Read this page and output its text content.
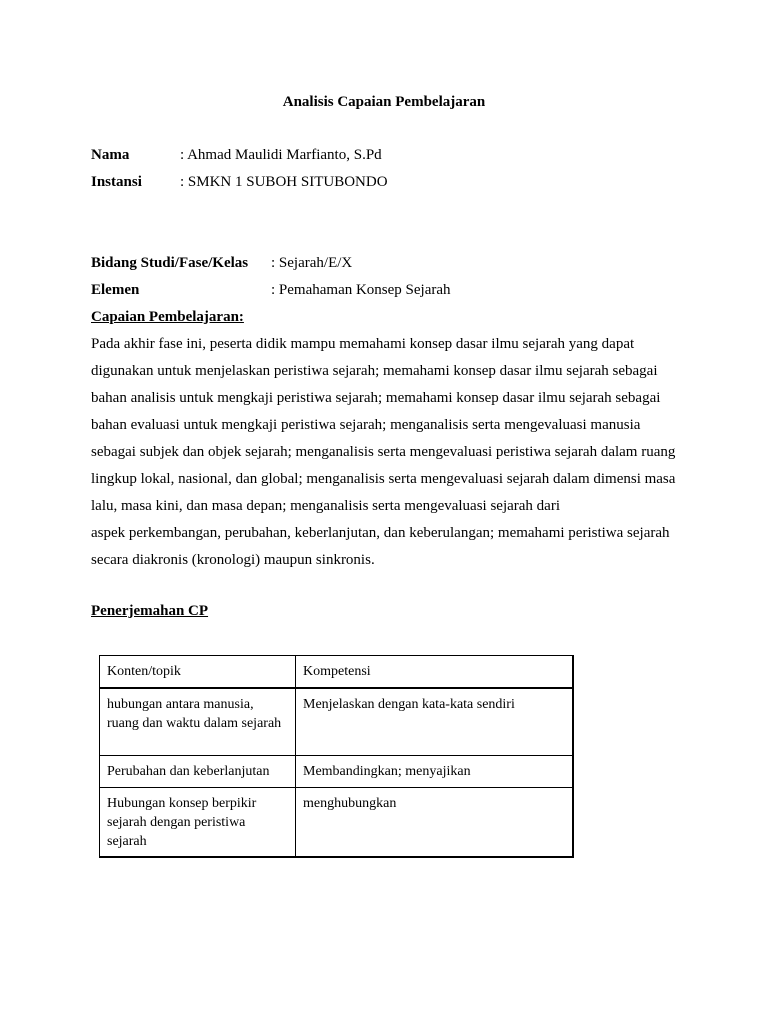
Analisis Capaian Pembelajaran
Nama	: Ahmad Maulidi Marfianto, S.Pd
Instansi	: SMKN 1 SUBOH SITUBONDO
Bidang Studi/Fase/Kelas : Sejarah/E/X
Elemen	: Pemahaman Konsep Sejarah
Capaian Pembelajaran:

Pada akhir fase ini, peserta didik mampu memahami konsep dasar ilmu sejarah yang dapat
digunakan untuk menjelaskan peristiwa sejarah; memahami konsep dasar ilmu sejarah sebagai
bahan analisis untuk mengkaji peristiwa sejarah; memahami konsep dasar ilmu sejarah sebagai
bahan evaluasi untuk mengkaji peristiwa sejarah; menganalisis serta mengevaluasi manusia
sebagai subjek dan objek sejarah; menganalisis serta mengevaluasi peristiwa sejarah dalam ruang
lingkup lokal, nasional, dan global; menganalisis serta mengevaluasi sejarah dalam dimensi masa
lalu, masa kini, dan masa depan; menganalisis serta mengevaluasi sejarah dari
aspek perkembangan, perubahan, keberlanjutan, dan keberulangan; memahami peristiwa sejarah
secara diakronis (kronologi) maupun sinkronis.

Penerjemahan CP
Konten/topik	Kompetensi
hubungan antara manusia, ruang dan waktu dalam sejarah	Menjelaskan dengan kata-kata sendiri
Perubahan dan keberlanjutan	Membandingkan; menyajikan
Hubungan konsep berpikir sejarah dengan peristiwa sejarah	menghubungkan
